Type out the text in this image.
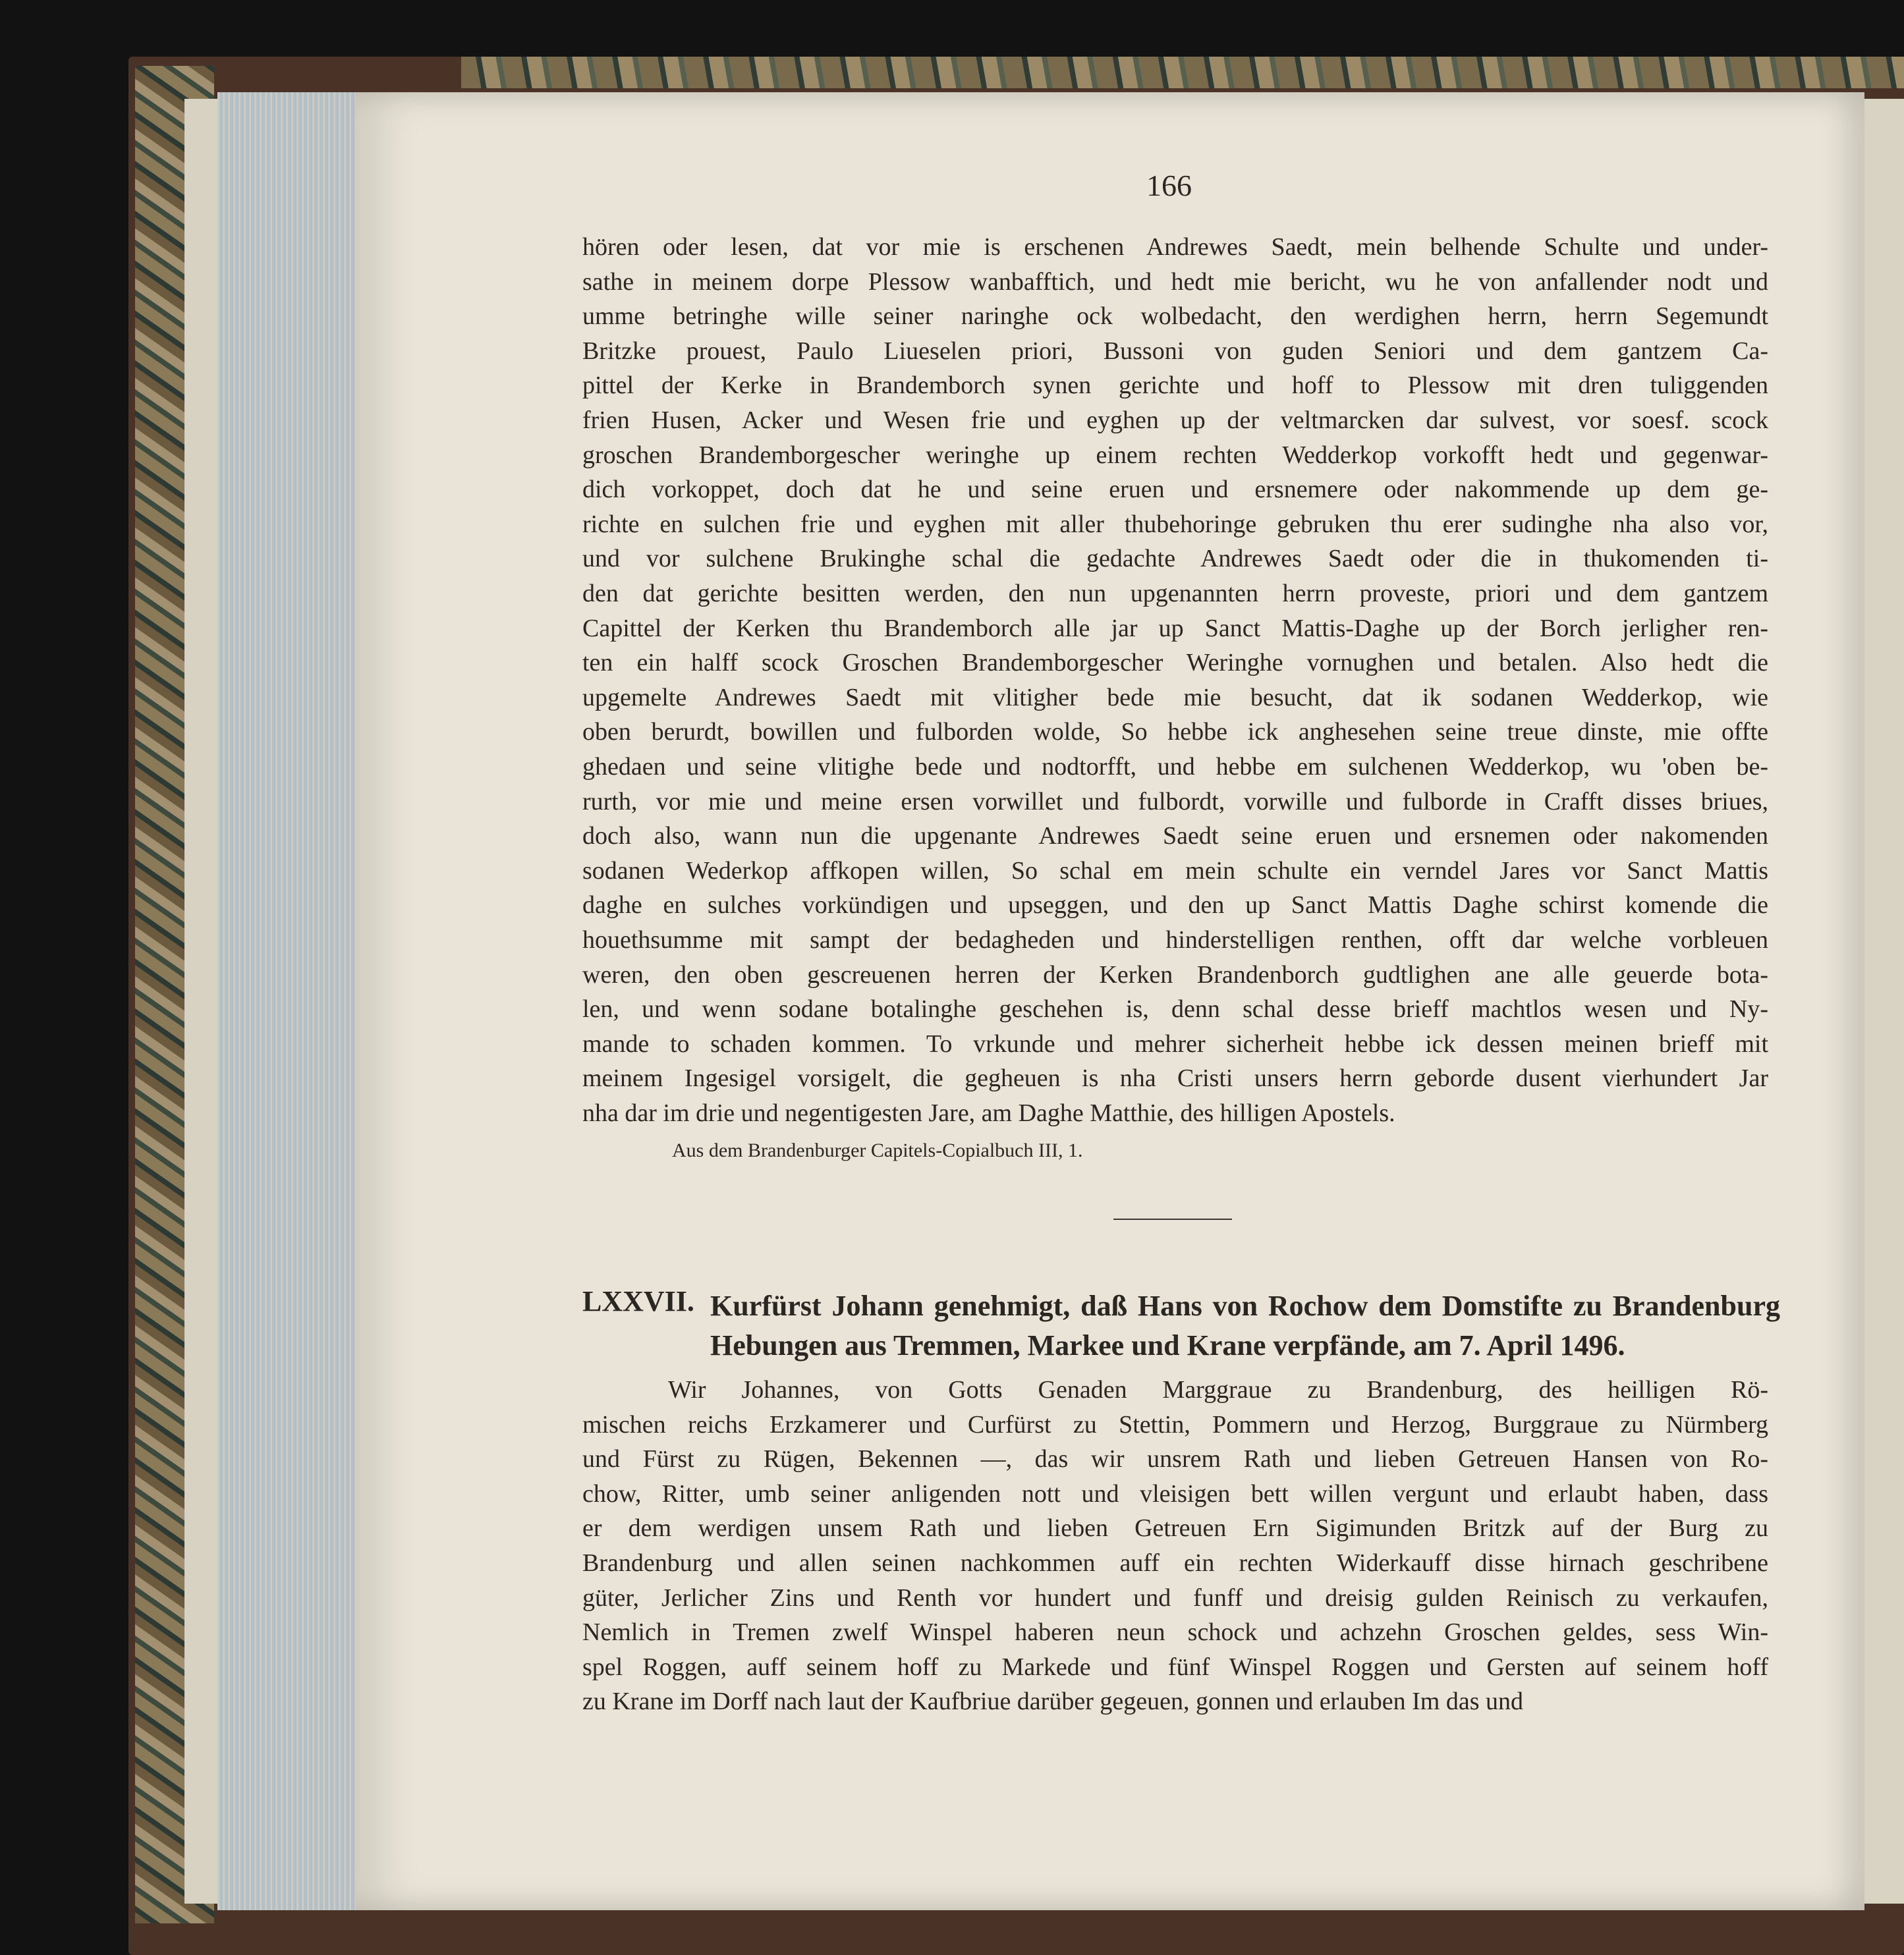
166
hören oder lesen, dat vor mie is erschenen Andrewes Saedt, mein belhende Schulte und under-
sathe in meinem dorpe Plessow wanbafftich, und hedt mie bericht, wu he von anfallender nodt und
umme betringhe wille seiner naringhe ock wolbedacht, den werdighen herrn, herrn Segemundt
Britzke prouest, Paulo Liueselen priori, Bussoni von guden Seniori und dem gantzem Ca-
pittel der Kerke in Brandemborch synen gerichte und hoff to Plessow mit dren tuliggenden
frien Husen, Acker und Wesen frie und eyghen up der veltmarcken dar sulvest, vor soesf. scock
groschen Brandemborgescher weringhe up einem rechten Wedderkop vorkofft hedt und gegenwar-
dich vorkoppet, doch dat he und seine eruen und ersnemere oder nakommende up dem ge-
richte en sulchen frie und eyghen mit aller thubehoringe gebruken thu erer sudinghe nha also vor,
und vor sulchene Brukinghe schal die gedachte Andrewes Saedt oder die in thukomenden ti-
den dat gerichte besitten werden, den nun upgenannten herrn proveste, priori und dem gantzem
Capittel der Kerken thu Brandemborch alle jar up Sanct Mattis-Daghe up der Borch jerligher ren-
ten ein halff scock Groschen Brandemborgescher Weringhe vornughen und betalen. Also hedt die
upgemelte Andrewes Saedt mit vlitigher bede mie besucht, dat ik sodanen Wedderkop, wie
oben berurdt, bowillen und fulborden wolde, So hebbe ick anghesehen seine treue dinste, mie offte
ghedaen und seine vlitighe bede und nodtorfft, und hebbe em sulchenen Wedderkop, wu 'oben be-
rurth, vor mie und meine ersen vorwillet und fulbordt, vorwille und fulborde in Crafft disses briues,
doch also, wann nun die upgenante Andrewes Saedt seine eruen und ersnemen oder nakomenden
sodanen Wederkop affkopen willen, So schal em mein schulte ein verndel Jares vor Sanct Mattis
daghe en sulches vorkündigen und upseggen, und den up Sanct Mattis Daghe schirst komende die
houethsumme mit sampt der bedagheden und hinderstelligen renthen, offt dar welche vorbleuen
weren, den oben gescreuenen herren der Kerken Brandenborch gudtlighen ane alle geuerde bota-
len, und wenn sodane botalinghe geschehen is, denn schal desse brieff machtlos wesen und Ny-
mande to schaden kommen. To vrkunde und mehrer sicherheit hebbe ick dessen meinen brieff mit
meinem Ingesigel vorsigelt, die gegheuen is nha Cristi unsers herrn geborde dusent vierhundert Jar
nha dar im drie und negentigesten Jare, am Daghe Matthie, des hilligen Apostels.
Aus dem Brandenburger Capitels-Copialbuch III, 1.
LXXVII. Kurfürst Johann genehmigt, daß Hans von Rochow dem Domstifte zu Brandenburg
Hebungen aus Tremmen, Markee und Krane verpfände, am 7. April 1496.
Wir Johannes, von Gotts Genaden Marggraue zu Brandenburg, des heilligen Rö-
mischen reichs Erzkamerer und Curfürst zu Stettin, Pommern und Herzog, Burggraue zu Nürmberg
und Fürst zu Rügen, Bekennen —, das wir unsrem Rath und lieben Getreuen Hansen von Ro-
chow, Ritter, umb seiner anligenden nott und vleisigen bett willen vergunt und erlaubt haben, dass
er dem werdigen unsem Rath und lieben Getreuen Ern Sigimunden Britzk auf der Burg zu
Brandenburg und allen seinen nachkommen auff ein rechten Widerkauff disse hirnach geschribene
güter, Jerlicher Zins und Renth vor hundert und funff und dreisig gulden Reinisch zu verkaufen,
Nemlich in Tremen zwelf Winspel haberen neun schock und achzehn Groschen geldes, sess Win-
spel Roggen, auff seinem hoff zu Markede und fünf Winspel Roggen und Gersten auf seinem hoff
zu Krane im Dorff nach laut der Kaufbriue darüber gegeuen, gonnen und erlauben Im das und
